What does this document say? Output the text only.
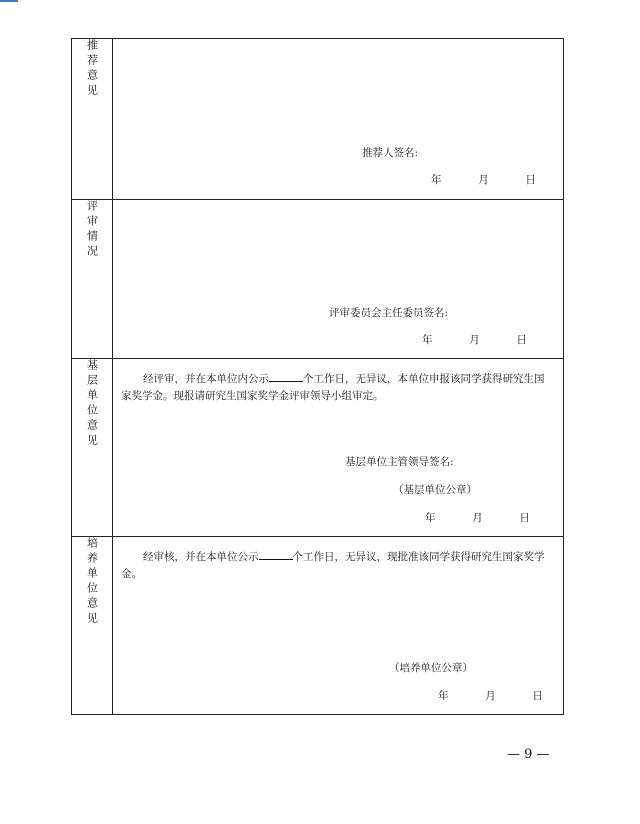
推荐意见	推荐人签名:
年 月 日

评审情况	评审委员会主任委员签名:
年 月 日

基层单位意见	经评审，并在本单位内公示 个工作日，无异议，本单位申报该同学获得研究生国家奖学金。现报请研究生国家奖学金评审领导小组审定。
基层单位主管领导签名:
（基层单位公章）
年 月 日

培养单位意见	经审核，并在本单位公示 个工作日，无异议，现批准该同学获得研究生国家奖学金。
（培养单位公章）
年 月 日
— 9 —
